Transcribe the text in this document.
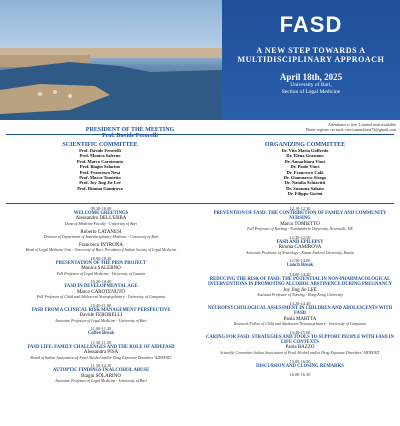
FASD
A NEW STEP TOWARDS A
MULTIDISCIPLINARY APPROACH
April 18th, 2025
University of Bari,
Section of Legal Medicine
Attendance is free. Limited seats available
Please register via mail: vinci.annachiara73@gmail.com
PRESIDENT OF THE MEETING
Prof. Davide Ferorelli
SCIENTIFIC COMMITTEE
Prof. Davide Ferorelli
Prof. Monica Salerno
Prof. Marco Carotenuto
Prof. Biagio Solarino
Prof. Francesco Nesa
Prof. Marco Tomietto
Prof. Joy Jing Jie Lee
Prof. Rimma Gamirova
ORGANIZING COMMITTEE
Dr. Vito Maria Goffredo
Dr. Elena Graziano
Dr. Annachiara Vinci
Dr. Paolo Vinci
Dr. Francesco Calò
Dr. Gianmarco Sirago
Dr. Natalia Schiavitti
Dr. Susanna Sabato
Dr. Filippo Gorini
09.30-10.00
WELCOME GREETINGS
Alessandro DELL'ERBA
Dean of Medicine Faculty - University of Bari
Roberto CATANESI
Director of Department of Interdisciplinary Medicine - University of Bari
Francesco INTRONA
Head of Legal Medicine Unit - University of Bari; President of Italian Society of Legal Medicine
10.00-10.20
PRESENTATION OF THE PRIN PROJECT
Monica SALERNO
Full Professor of Legal Medicine - University of Catania
10.20-10.40
FASD IN DEVELOPMENTAL AGE
Marco CAROTENUTO
Full Professor of Child and Adolescent Neuropsychiatry - University of Campania
10.40-11.00
FASD FROM A CLINICAL RISK MANAGEMENT PERSPECTIVE
Davide FERORELLI
Associate Professor of Legal Medicine - University of Bari
11.00-11.30
Coffee Break
11.30-11.50
FASD LIFE: FAMILY CHALLENGES AND THE ROLE OF AIDEFASD
Alessandra PISA
Board of Italian Association of Fetal Alcohol and/or Drug Exposure Disorders 'AIDEFAD'
11.50-12.10
AUTOPTIC FINDINGS IN ALCOHOL ABUSE
Biagio SOLARINO
Associate Professor of Legal Medicine - University of Bari
12.10-12.30
PREVENTION OF FASD: THE CONTRIBUTION OF FAMILY AND COMMUNITY NURSING
Marco TOMIETTO
Full Professor of Nursing - Northumbria University, Newcastle, UK
12.30-12.50
FASD AND EPILEPSY
Rimma GAMIROVA
Associate Professor of Neurology - Kazan Federal University, Russia
12.50-14.00
Lunch Break
14.00-14.20
REDUCING THE RISK OF FASD: THE POTENTIAL IN NON-PHARMACOLOGICAL INTERVENTIONS IN PROMOTING ALCOHOL ABSTINENCE DURING PREGNANCY
Joy Jing Jie LEE
Assistant Professor of Nursing - Hong Kong University
14.20-14.40
NEUROPSYCHOLOGICAL ASSESSMENT IN CHILDREN AND ADOLESCENTS WITH FASD
Paola MARTTA
Research Fellow of Child and Adolescent Neuropsychiatry - University of Campania
14.40-15.00
CARING FOR FASD: STRATEGIES AND TOOLS TO SUPPORT PEOPLE WITH FASD IN LIFE CONTEXTS
Paola BAZZO
Scientific Committee Italian Association of Fetal Alcohol and/or Drug Exposure Disorders 'AIDEFAD'
15.00-16.00
DISCUSSION AND CLOSING REMARKS
16.00-16.30
